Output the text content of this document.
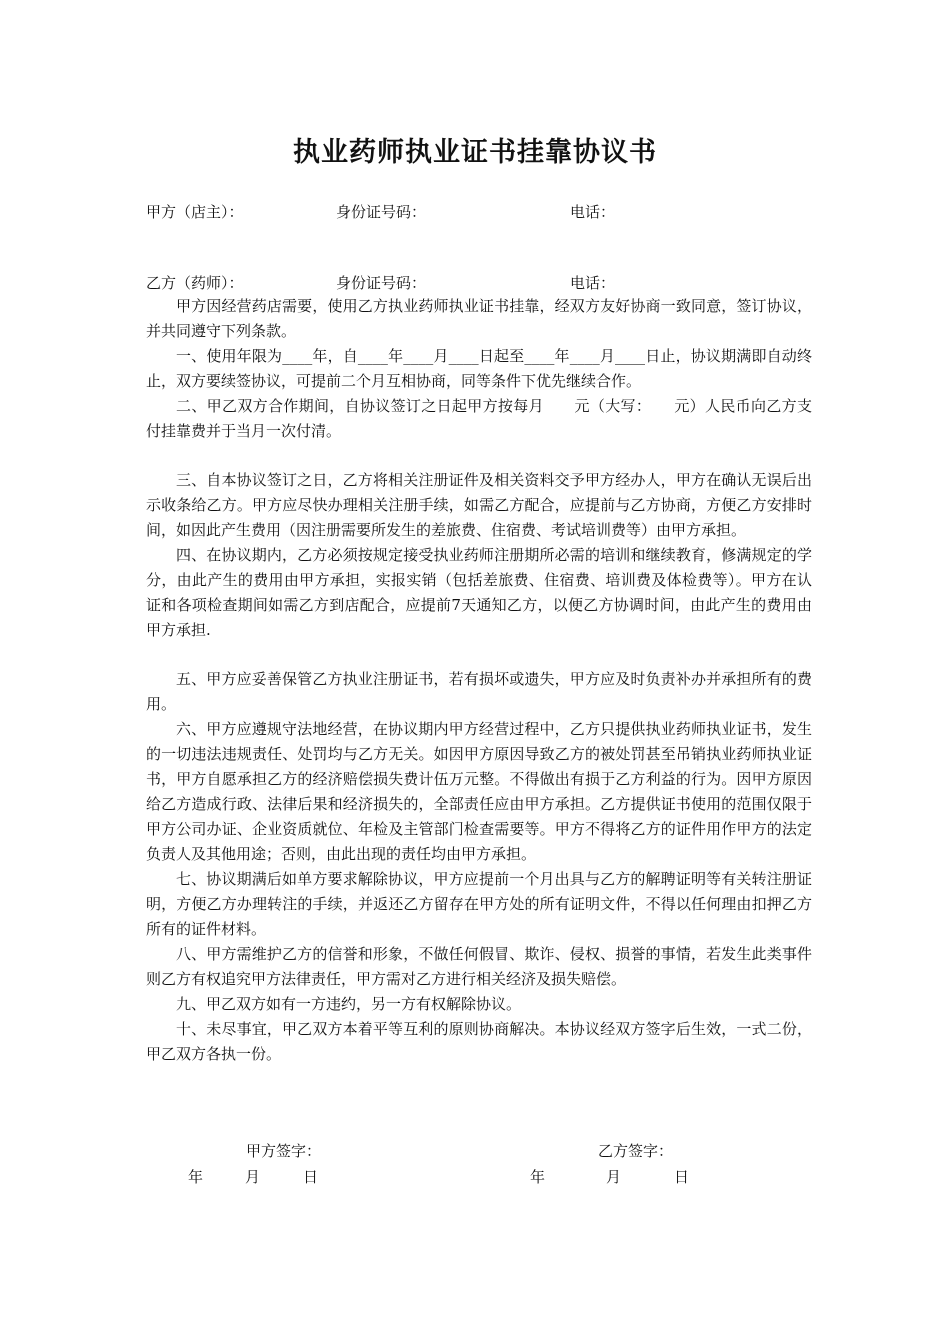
执业药师执业证书挂靠协议书
甲方（店主）：	身份证号码：	电话：
乙方（药师）：	身份证号码：	电话：

甲方因经营药店需要，使用乙方执业药师执业证书挂靠，经双方友好协商一致同意，签订协议，并共同遵守下列条款。

一、使用年限为____年，自____年____月____日起至____年____月____日止，协议期满即自动终止，双方要续签协议，可提前二个月互相协商，同等条件下优先继续合作。

二、甲乙双方合作期间，自协议签订之日起甲方按每月　　元（大写：　　元）人民币向乙方支付挂靠费并于当月一次付清。

三、自本协议签订之日，乙方将相关注册证件及相关资料交予甲方经办人，甲方在确认无误后出示收条给乙方。甲方应尽快办理相关注册手续，如需乙方配合，应提前与乙方协商，方便乙方安排时间，如因此产生费用（因注册需要所发生的差旅费、住宿费、考试培训费等）由甲方承担。

四、在协议期内，乙方必须按规定接受执业药师注册期所必需的培训和继续教育，修满规定的学分，由此产生的费用由甲方承担，实报实销（包括差旅费、住宿费、培训费及体检费等）。甲方在认证和各项检查期间如需乙方到店配合，应提前7天通知乙方，以便乙方协调时间，由此产生的费用由甲方承担.

五、甲方应妥善保管乙方执业注册证书，若有损坏或遗失，甲方应及时负责补办并承担所有的费用。

六、甲方应遵规守法地经营，在协议期内甲方经营过程中，乙方只提供执业药师执业证书，发生的一切违法违规责任、处罚均与乙方无关。如因甲方原因导致乙方的被处罚甚至吊销执业药师执业证书，甲方自愿承担乙方的经济赔偿损失费计伍万元整。不得做出有损于乙方利益的行为。因甲方原因给乙方造成行政、法律后果和经济损失的，全部责任应由甲方承担。乙方提供证书使用的范围仅限于甲方公司办证、企业资质就位、年检及主管部门检查需要等。甲方不得将乙方的证件用作甲方的法定负责人及其他用途；否则，由此出现的责任均由甲方承担。

七、协议期满后如单方要求解除协议，甲方应提前一个月出具与乙方的解聘证明等有关转注册证明，方便乙方办理转注的手续，并返还乙方留存在甲方处的所有证明文件，不得以任何理由扣押乙方所有的证件材料。

八、甲方需维护乙方的信誉和形象，不做任何假冒、欺诈、侵权、损誉的事情，若发生此类事件则乙方有权追究甲方法律责任，甲方需对乙方进行相关经济及损失赔偿。

九、甲乙双方如有一方违约，另一方有权解除协议。

十、未尽事宜，甲乙双方本着平等互利的原则协商解决。本协议经双方签字后生效，一式二份，甲乙双方各执一份。

甲方签字：	乙方签字：
年	月	日	年	月	日
